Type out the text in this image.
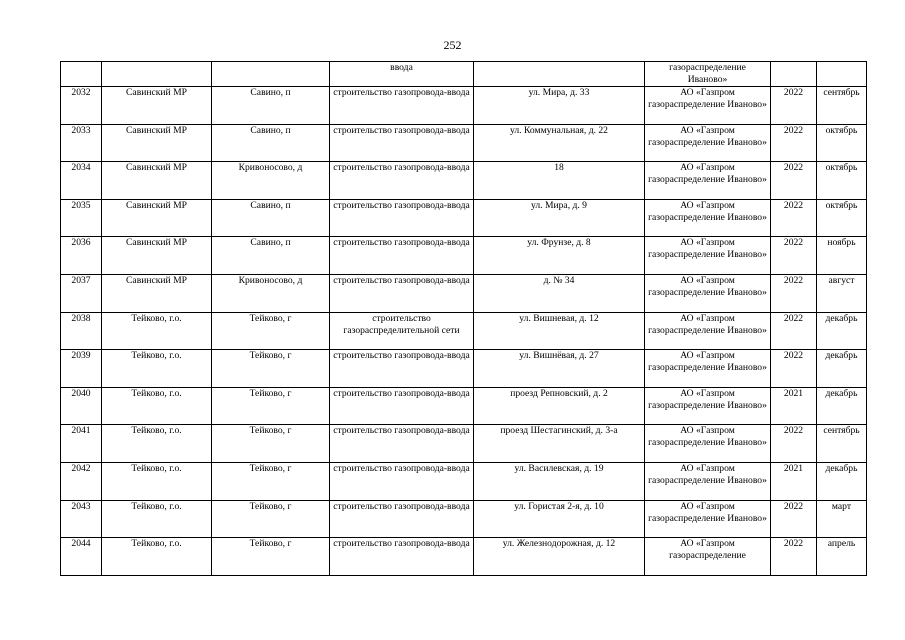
252
			ввода		газораспределение
Иваново»		
2032	Савинский МР	Савино, п	строительство газопровода-ввода	ул. Мира, д. 33	АО «Газпром газораспределение Иваново»	2022	сентябрь
2033	Савинский МР	Савино, п	строительство газопровода-ввода	ул. Коммунальная, д. 22	АО «Газпром газораспределение Иваново»	2022	октябрь
2034	Савинский МР	Кривоносово, д	строительство газопровода-ввода	18	АО «Газпром газораспределение Иваново»	2022	октябрь
2035	Савинский МР	Савино, п	строительство газопровода-ввода	ул. Мира, д. 9	АО «Газпром газораспределение Иваново»	2022	октябрь
2036	Савинский МР	Савино, п	строительство газопровода-ввода	ул. Фрунзе, д. 8	АО «Газпром газораспределение Иваново»	2022	ноябрь
2037	Савинский МР	Кривоносово, д	строительство газопровода-ввода	д. № 34	АО «Газпром газораспределение Иваново»	2022	август
2038	Тейково, г.о.	Тейково, г	строительство газораспределительной сети	ул. Вишневая, д. 12	АО «Газпром газораспределение Иваново»	2022	декабрь
2039	Тейково, г.о.	Тейково, г	строительство газопровода-ввода	ул. Вишнёвая, д. 27	АО «Газпром газораспределение Иваново»	2022	декабрь
2040	Тейково, г.о.	Тейково, г	строительство газопровода-ввода	проезд Репновский, д. 2	АО «Газпром газораспределение Иваново»	2021	декабрь
2041	Тейково, г.о.	Тейково, г	строительство газопровода-ввода	проезд Шестагинский, д. 3-а	АО «Газпром газораспределение Иваново»	2022	сентябрь
2042	Тейково, г.о.	Тейково, г	строительство газопровода-ввода	ул. Василевская, д. 19	АО «Газпром газораспределение Иваново»	2021	декабрь
2043	Тейково, г.о.	Тейково, г	строительство газопровода-ввода	ул. Гористая 2-я, д. 10	АО «Газпром газораспределение Иваново»	2022	март
2044	Тейково, г.о.	Тейково, г	строительство газопровода-ввода	ул. Железнодорожная, д. 12	АО «Газпром газораспределение	2022	апрель
